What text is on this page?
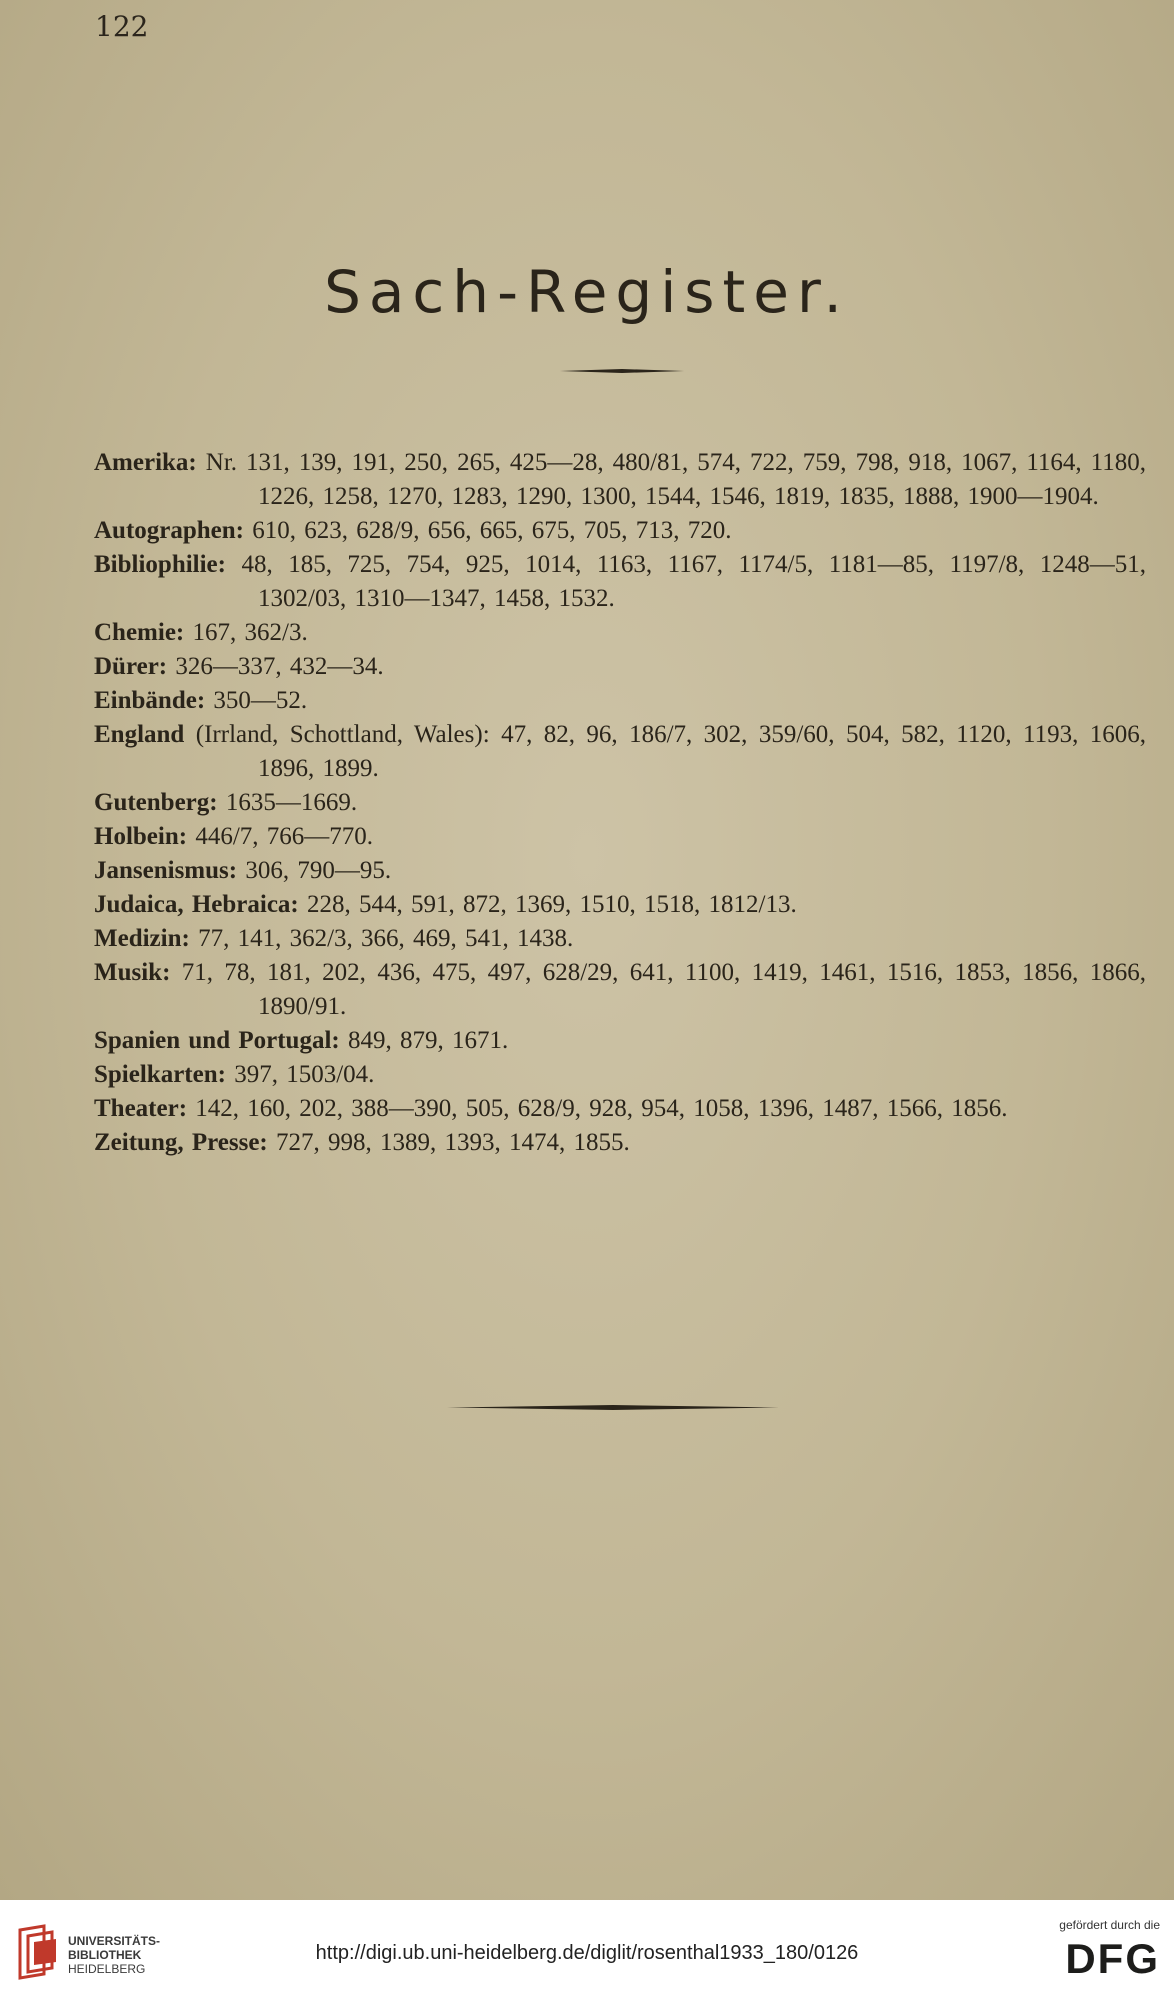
122
Sach-Register.

Amerika: Nr. 131, 139, 191, 250, 265, 425—28, 480/81, 574, 722, 759, 798, 918, 1067, 1164, 1180, 1226, 1258, 1270, 1283, 1290, 1300, 1544, 1546, 1819, 1835, 1888, 1900—1904.

Autographen: 610, 623, 628/9, 656, 665, 675, 705, 713, 720.

Bibliophilie: 48, 185, 725, 754, 925, 1014, 1163, 1167, 1174/5, 1181—85, 1197/8, 1248—51, 1302/03, 1310—1347, 1458, 1532.

Chemie: 167, 362/3.

Dürer: 326—337, 432—34.

Einbände: 350—52.

England (Irrland, Schottland, Wales): 47, 82, 96, 186/7, 302, 359/60, 504, 582, 1120, 1193, 1606, 1896, 1899.

Gutenberg: 1635—1669.

Holbein: 446/7, 766—770.

Jansenismus: 306, 790—95.

Judaica, Hebraica: 228, 544, 591, 872, 1369, 1510, 1518, 1812/13.

Medizin: 77, 141, 362/3, 366, 469, 541, 1438.

Musik: 71, 78, 181, 202, 436, 475, 497, 628/29, 641, 1100, 1419, 1461, 1516, 1853, 1856, 1866, 1890/91.

Spanien und Portugal: 849, 879, 1671.

Spielkarten: 397, 1503/04.

Theater: 142, 160, 202, 388—390, 505, 628/9, 928, 954, 1058, 1396, 1487, 1566, 1856.

Zeitung, Presse: 727, 998, 1389, 1393, 1474, 1855.

UNIVERSITÄTS-
BIBLIOTHEK
HEIDELBERG
http://digi.ub.uni-heidelberg.de/diglit/rosenthal1933_180/0126
gefördert durch die
DFG
